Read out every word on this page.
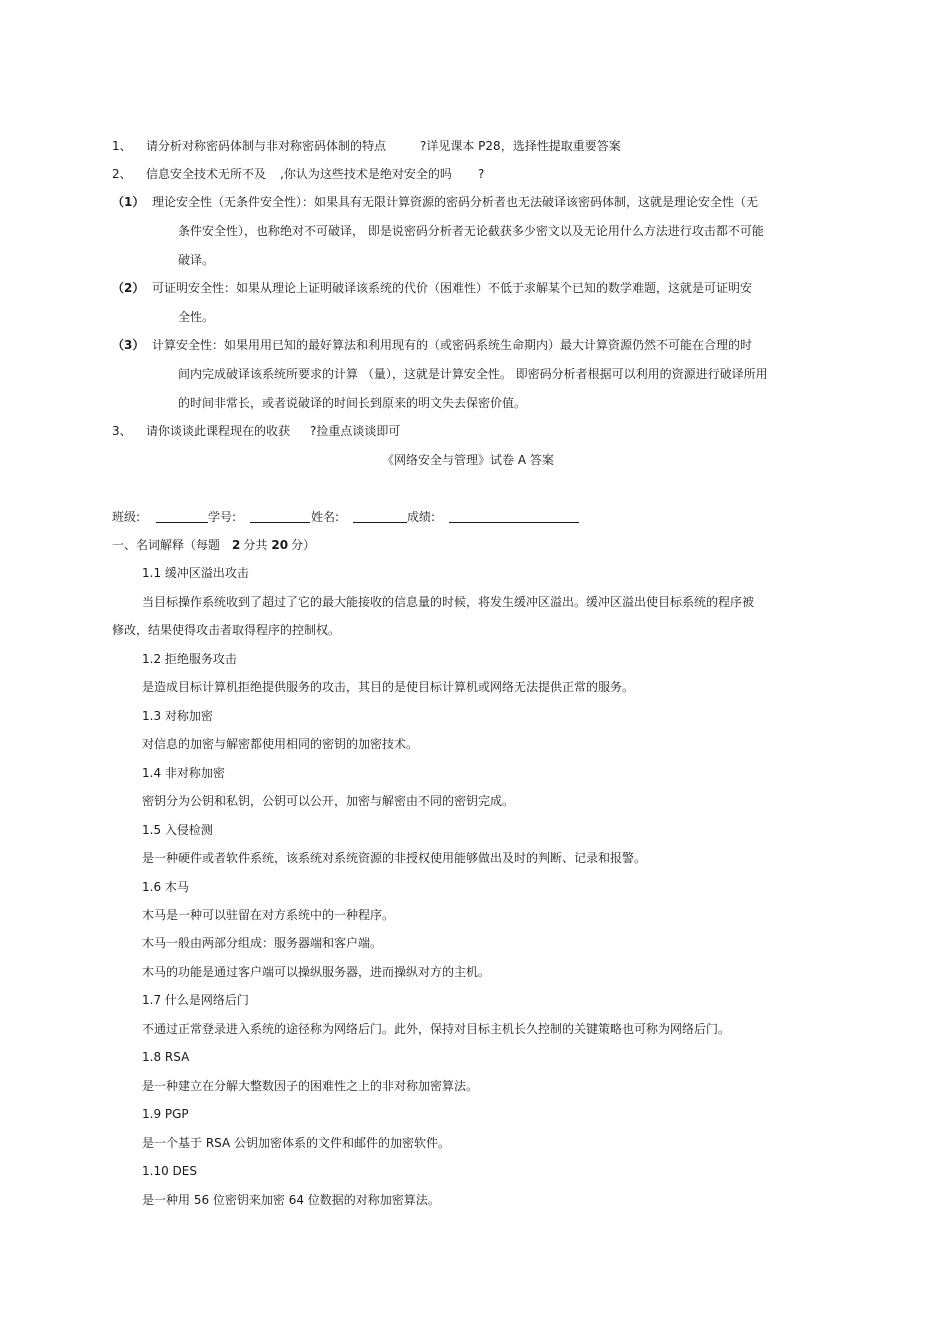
1、 请分析对称密码体制与非对称密码体制的特点	?详见课本 P28，选择性提取重要答案
2、 信息安全技术无所不及 ,你认为这些技术是绝对安全的吗 ?
（1） 理论安全性（无条件安全性）：如果具有无限计算资源的密码分析者也无法破译该密码体制，这就是理论安全性（无
条件安全性），也称绝对不可破译， 即是说密码分析者无论截获多少密文以及无论用什么方法进行攻击都不可能
破译。
（2） 可证明安全性：如果从理论上证明破译该系统的代价（困难性）不低于求解某个已知的数学难题，这就是可证明安
全性。
（3） 计算安全性：如果用用已知的最好算法和利用现有的（或密码系统生命期内）最大计算资源仍然不可能在合理的时
间内完成破译该系统所要求的计算 （量），这就是计算安全性。 即密码分析者根据可以利用的资源进行破译所用
的时间非常长，或者说破译的时间长到原来的明文失去保密价值。
3、 请你谈谈此课程现在的收获 ?捡重点谈谈即可
《网络安全与管理》试卷 A 答案
班级:	学号:	姓名:	成绩:
一、名词解释（每题 2 分共 20 分）
1.1 缓冲区溢出攻击
当目标操作系统收到了超过了它的最大能接收的信息量的时候，将发生缓冲区溢出。缓冲区溢出使目标系统的程序被
修改，结果使得攻击者取得程序的控制权。
1.2 拒绝服务攻击
是造成目标计算机拒绝提供服务的攻击，其目的是使目标计算机或网络无法提供正常的服务。
1.3 对称加密
对信息的加密与解密都使用相同的密钥的加密技术。
1.4 非对称加密
密钥分为公钥和私钥，公钥可以公开，加密与解密由不同的密钥完成。
1.5 入侵检测
是一种硬件或者软件系统，该系统对系统资源的非授权使用能够做出及时的判断、记录和报警。
1.6 木马
木马是一种可以驻留在对方系统中的一种程序。
木马一般由两部分组成：服务器端和客户端。
木马的功能是通过客户端可以操纵服务器，进而操纵对方的主机。
1.7 什么是网络后门
不通过正常登录进入系统的途径称为网络后门。此外，保持对目标主机长久控制的关键策略也可称为网络后门。
1.8 RSA
是一种建立在分解大整数因子的困难性之上的非对称加密算法。
1.9 PGP
是一个基于 RSA 公钥加密体系的文件和邮件的加密软件。
1.10 DES
是一种用 56 位密钥来加密 64 位数据的对称加密算法。
